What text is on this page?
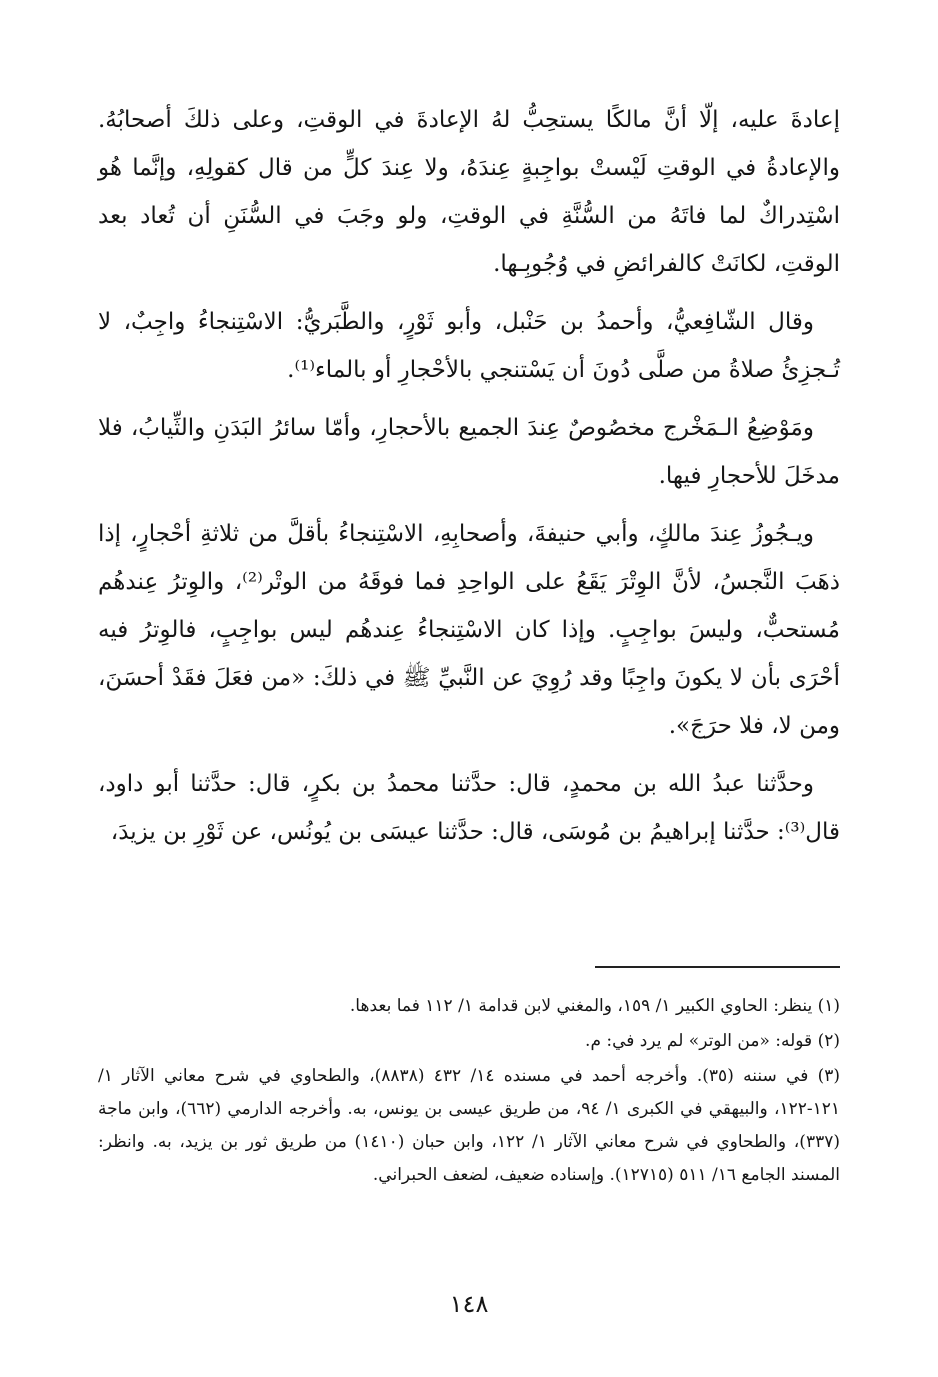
إعادةَ عليه، إلّا أنَّ مالكًا يستحِبُّ لهُ الإعادةَ في الوقتِ، وعلى ذلكَ أصحابُهُ. والإعادةُ في الوقتِ لَيْستْ بواجِبةٍ عِندَهُ، ولا عِندَ كلٍّ من قال كقولِهِ، وإنَّما هُو اسْتِدراكٌ لما فاتَهُ من السُّنَّةِ في الوقتِ، ولو وجَبَ في السُّنَنِ أن تُعاد بعد الوقتِ، لكانَتْ كالفرائضِ في وُجُوبِـها.

وقال الشّافِعيُّ، وأحمدُ بن حَنْبل، وأبو ثَوْرٍ، والطَّبَريُّ: الاسْتِنجاءُ واجِبٌ، لا تُـجزِئُ صلاةُ من صلَّى دُونَ أن يَسْتنجي بالأحْجارِ أو بالماء⁽¹⁾.

ومَوْضِعُ الـمَخْرج مخصُوصٌ عِندَ الجميع بالأحجارِ، وأمّا سائرُ البَدَنِ والثِّيابُ، فلا مدخَلَ للأحجارِ فيها.

ويـجُوزُ عِندَ مالكٍ، وأبي حنيفةَ، وأصحابِهِ، الاسْتِنجاءُ بأقلَّ من ثلاثةِ أحْجارٍ، إذا ذهَبَ النَّجسُ، لأنَّ الوِتْرَ يَقَعُ على الواحِدِ فما فوقَهُ من الوتْر⁽²⁾، والوِترُ عِندهُم مُستحبٌّ، وليسَ بواجِبٍ. وإذا كان الاسْتِنجاءُ عِندهُم ليس بواجِبٍ، فالوِترُ فيه أحْرَى بأن لا يكونَ واجِبًا وقد رُوِيَ عن النَّبيِّ ﷺ في ذلكَ: «من فعَلَ فقَدْ أحسَنَ، ومن لا، فلا حرَجَ».

وحدَّثنا عبدُ الله بن محمدٍ، قال: حدَّثنا محمدُ بن بكرٍ، قال: حدَّثنا أبو داود، قال⁽³⁾: حدَّثنا إبراهيمُ بن مُوسَى، قال: حدَّثنا عيسَى بن يُونُس، عن ثَوْرِ بن يزيدَ،

(١) ينظر: الحاوي الكبير ١/ ١٥٩، والمغني لابن قدامة ١/ ١١٢ فما بعدها.

(٢) قوله: «من الوتر» لم يرد في: م.

(٣) في سننه (٣٥). وأخرجه أحمد في مسنده ١٤/ ٤٣٢ (٨٨٣٨)، والطحاوي في شرح معاني الآثار ١/ ١٢١-١٢٢، والبيهقي في الكبرى ١/ ٩٤، من طريق عيسى بن يونس، به. وأخرجه الدارمي (٦٦٢)، وابن ماجة (٣٣٧)، والطحاوي في شرح معاني الآثار ١/ ١٢٢، وابن حبان (١٤١٠) من طريق ثور بن يزيد، به. وانظر: المسند الجامع ١٦/ ٥١١ (١٢٧١٥). وإسناده ضعيف، لضعف الحبراني.

١٤٨
